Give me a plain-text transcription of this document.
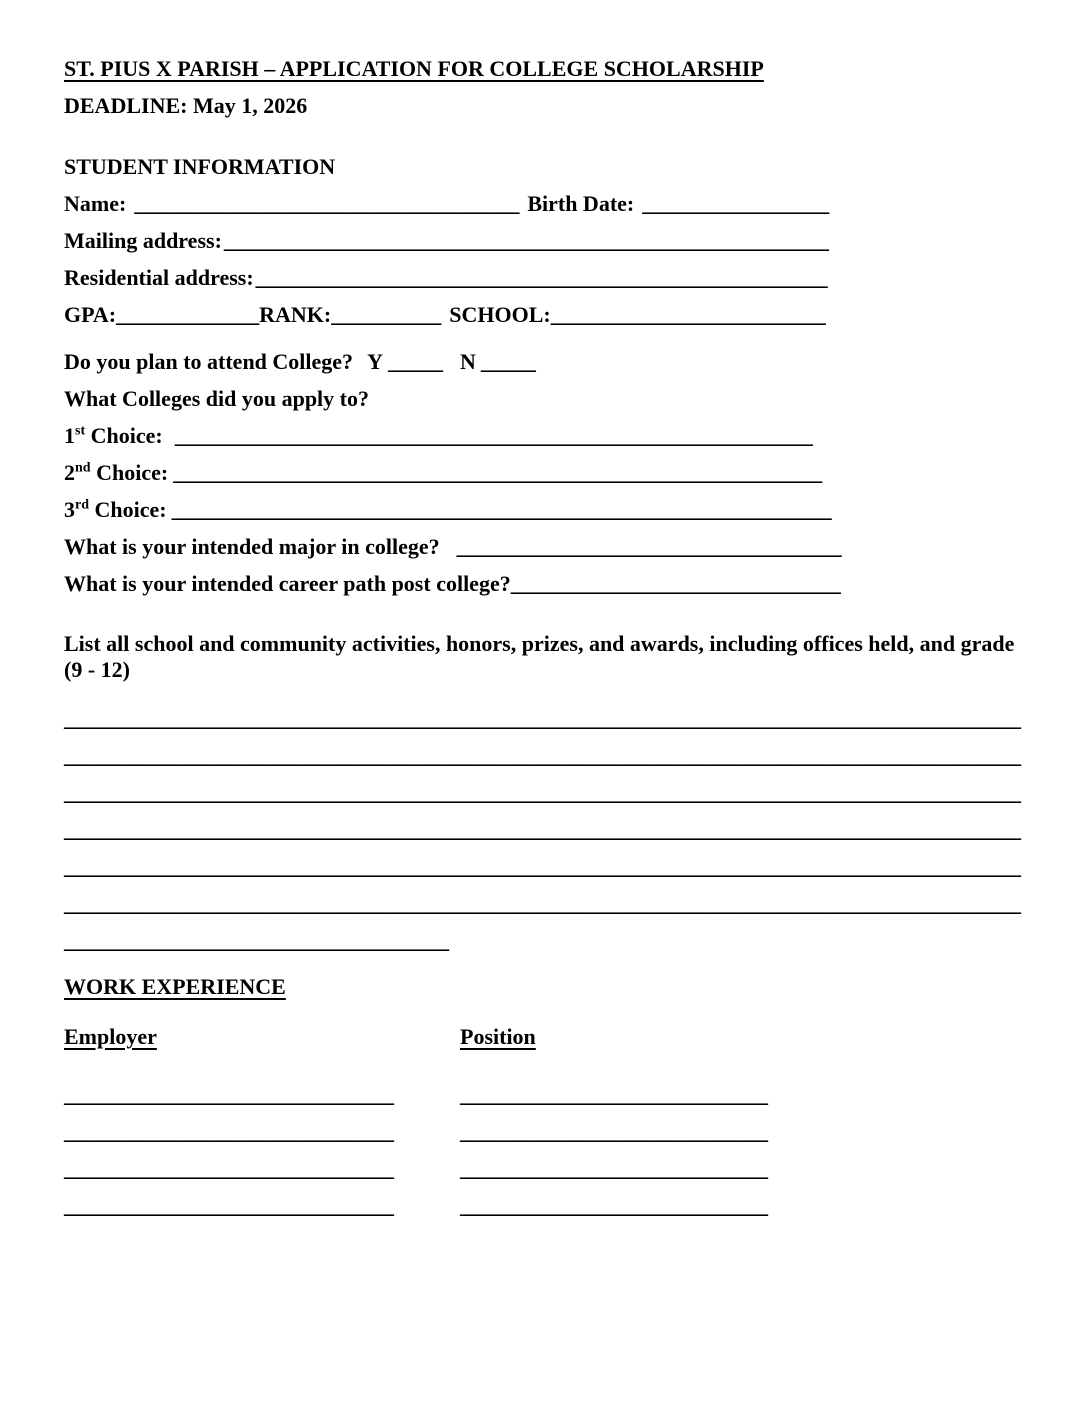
ST. PIUS X PARISH – APPLICATION FOR COLLEGE SCHOLARSHIP

DEADLINE: May 1, 2026

STUDENT INFORMATION

Name: ___________________________________ Birth Date: _________________

Mailing address:_______________________________________________________

Residential address:____________________________________________________

GPA:_____________RANK:__________ SCHOOL:_________________________

Do you plan to attend College? Y _____ N _____

What Colleges did you apply to?

1st Choice: __________________________________________________________

2nd Choice: ___________________________________________________________

3rd Choice: ____________________________________________________________

What is your intended major in college? ___________________________________

What is your intended career path post college?______________________________

List all school and community activities, honors, prizes, and awards, including offices held, and grade (9 - 12)

_______________________________________________________________________________________

_______________________________________________________________________________________

_______________________________________________________________________________________

_______________________________________________________________________________________

_______________________________________________________________________________________

_______________________________________________________________________________________

___________________________________

WORK EXPERIENCE

Employer	Position

______________________________	____________________________

______________________________	____________________________

______________________________	____________________________

______________________________	____________________________
